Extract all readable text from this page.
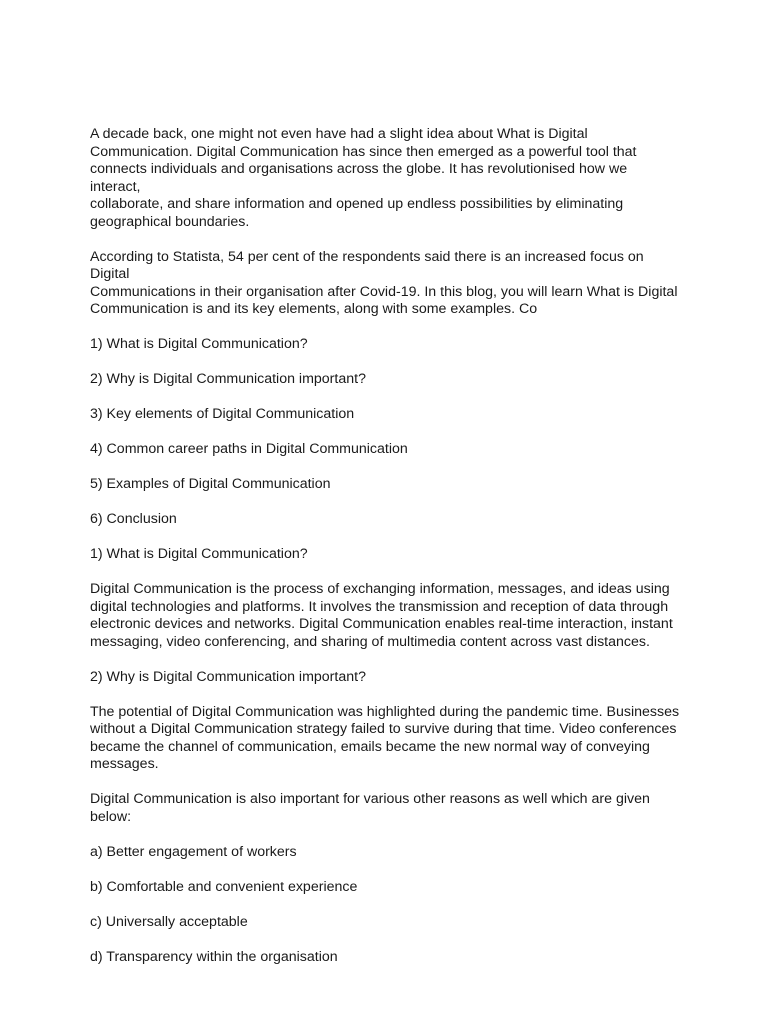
A decade back, one might not even have had a slight idea about What is Digital
Communication. Digital Communication has since then emerged as a powerful tool that
connects individuals and organisations across the globe. It has revolutionised how we interact,
collaborate, and share information and opened up endless possibilities by eliminating
geographical boundaries.

According to Statista, 54 per cent of the respondents said there is an increased focus on Digital
Communications in their organisation after Covid-19. In this blog, you will learn What is Digital
Communication is and its key elements, along with some examples. Co

1) What is Digital Communication?

2) Why is Digital Communication important?

3) Key elements of Digital Communication

4) Common career paths in Digital Communication

5) Examples of Digital Communication

6) Conclusion

1) What is Digital Communication?

Digital Communication is the process of exchanging information, messages, and ideas using
digital technologies and platforms. It involves the transmission and reception of data through
electronic devices and networks. Digital Communication enables real-time interaction, instant
messaging, video conferencing, and sharing of multimedia content across vast distances.

2) Why is Digital Communication important?

The potential of Digital Communication was highlighted during the pandemic time. Businesses
without a Digital Communication strategy failed to survive during that time. Video conferences
became the channel of communication, emails became the new normal way of conveying
messages.

Digital Communication is also important for various other reasons as well which are given
below:

a) Better engagement of workers

b) Comfortable and convenient experience

c) Universally acceptable

d) Transparency within the organisation
